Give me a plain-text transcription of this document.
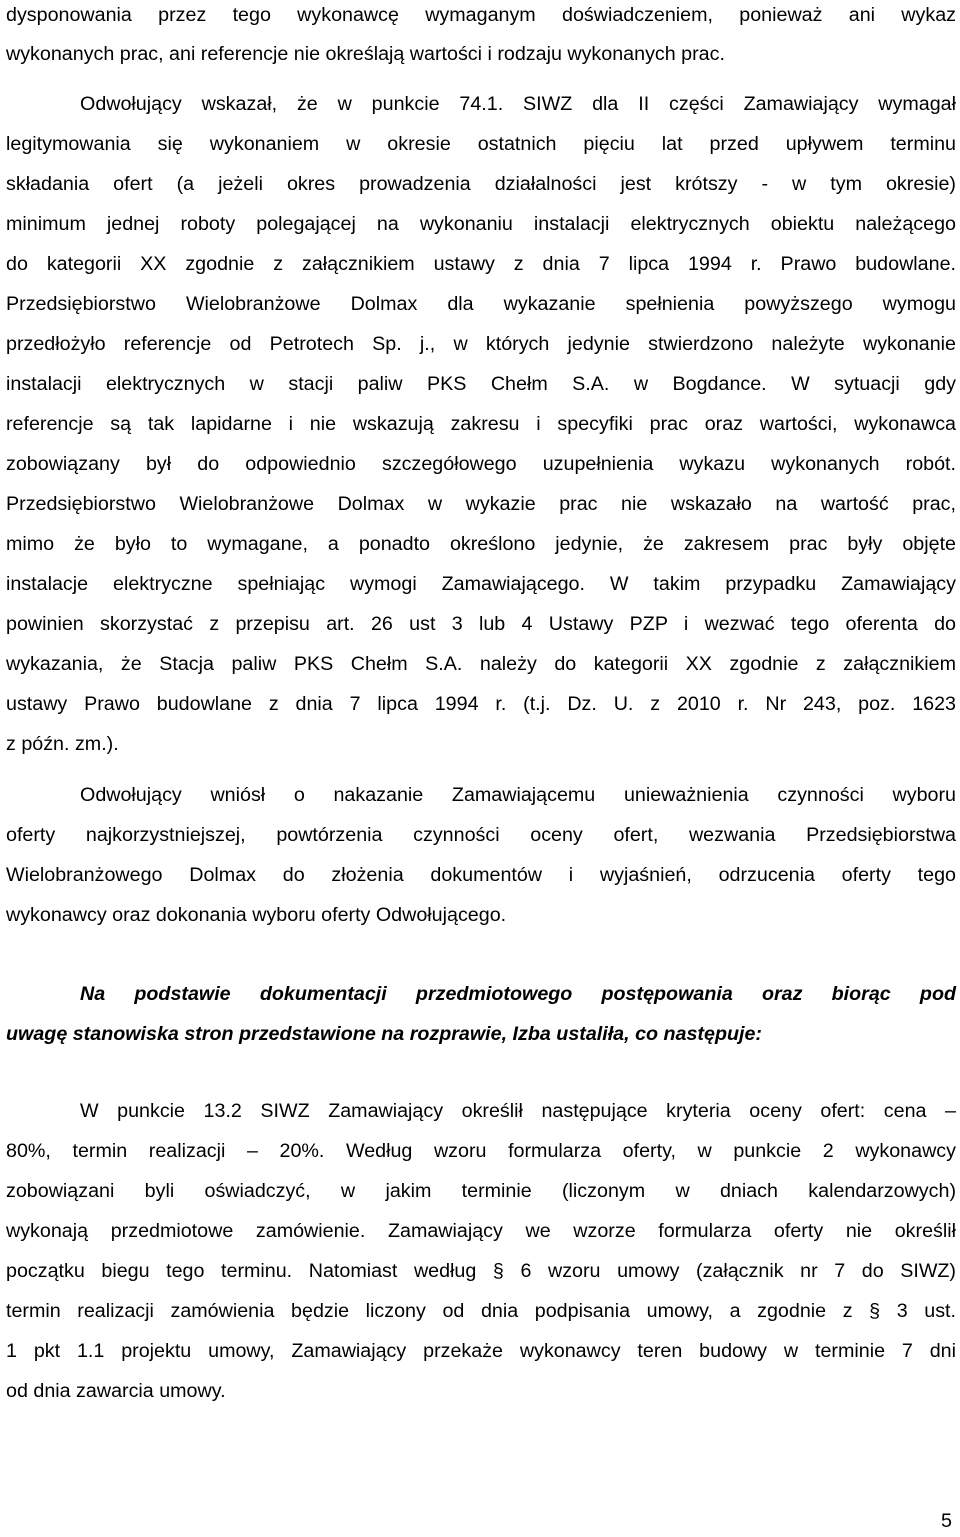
dysponowania przez tego wykonawcę wymaganym doświadczeniem, ponieważ ani wykaz
wykonanych prac, ani referencje nie określają wartości i rodzaju wykonanych prac.
Odwołujący wskazał, że w punkcie 74.1. SIWZ dla II części Zamawiający wymagał
legitymowania się wykonaniem w okresie ostatnich pięciu lat przed upływem terminu
składania ofert (a jeżeli okres prowadzenia działalności jest krótszy - w tym okresie)
minimum jednej roboty polegającej na wykonaniu instalacji elektrycznych obiektu należącego
do kategorii XX zgodnie z załącznikiem ustawy z dnia 7 lipca 1994 r. Prawo budowlane.
Przedsiębiorstwo Wielobranżowe Dolmax dla wykazanie spełnienia powyższego wymogu
przedłożyło referencje od Petrotech Sp. j., w których jedynie stwierdzono należyte wykonanie
instalacji elektrycznych w stacji paliw PKS Chełm S.A. w Bogdance. W sytuacji gdy
referencje są tak lapidarne i nie wskazują zakresu i specyfiki prac oraz wartości, wykonawca
zobowiązany był do odpowiednio szczegółowego uzupełnienia wykazu wykonanych robót.
Przedsiębiorstwo Wielobranżowe Dolmax w wykazie prac nie wskazało na wartość prac,
mimo że było to wymagane, a ponadto określono jedynie, że zakresem prac były objęte
instalacje elektryczne spełniając wymogi Zamawiającego. W takim przypadku Zamawiający
powinien skorzystać z przepisu art. 26 ust 3 lub 4 Ustawy PZP i wezwać tego oferenta do
wykazania, że Stacja paliw PKS Chełm S.A. należy do kategorii XX zgodnie z załącznikiem
ustawy Prawo budowlane z dnia 7 lipca 1994 r. (t.j. Dz. U. z 2010 r. Nr 243, poz. 1623
z późn. zm.).
Odwołujący wniósł o nakazanie Zamawiającemu unieważnienia czynności wyboru
oferty najkorzystniejszej, powtórzenia czynności oceny ofert, wezwania Przedsiębiorstwa
Wielobranżowego Dolmax do złożenia dokumentów i wyjaśnień, odrzucenia oferty tego
wykonawcy oraz dokonania wyboru oferty Odwołującego.
Na podstawie dokumentacji przedmiotowego postępowania oraz biorąc pod
uwagę stanowiska stron przedstawione na rozprawie, Izba ustaliła, co następuje:
W punkcie 13.2 SIWZ Zamawiający określił następujące kryteria oceny ofert: cena –
80%, termin realizacji – 20%. Według wzoru formularza oferty, w punkcie 2 wykonawcy
zobowiązani byli oświadczyć, w jakim terminie (liczonym w dniach kalendarzowych)
wykonają przedmiotowe zamówienie. Zamawiający we wzorze formularza oferty nie określił
początku biegu tego terminu. Natomiast według § 6 wzoru umowy (załącznik nr 7 do SIWZ)
termin realizacji zamówienia będzie liczony od dnia podpisania umowy, a zgodnie z § 3 ust.
1 pkt 1.1 projektu umowy, Zamawiający przekaże wykonawcy teren budowy w terminie 7 dni
od dnia zawarcia umowy.
5
